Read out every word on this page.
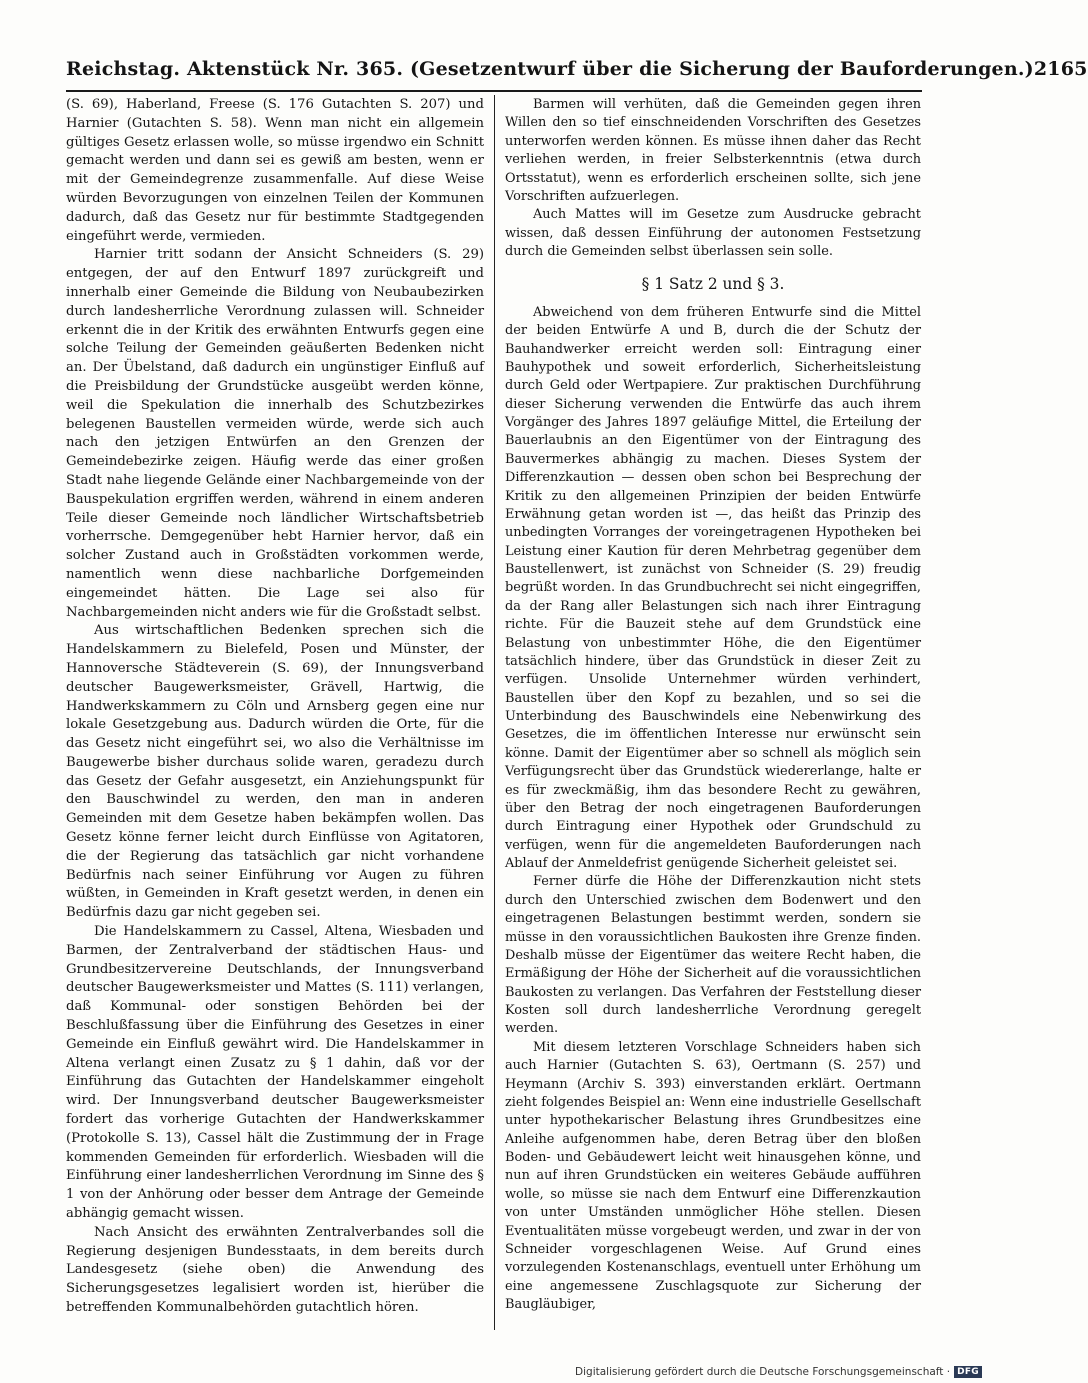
Reichstag. Aktenstück Nr. 365. (Gesetzentwurf über die Sicherung der Bauforderungen.) 2165

(S. 69), Haberland, Freese (S. 176 Gutachten S. 207) und Harnier (Gutachten S. 58). Wenn man nicht ein allgemein gültiges Gesetz erlassen wolle, so müsse irgendwo ein Schnitt gemacht werden und dann sei es gewiß am besten, wenn er mit der Gemeindegrenze zusammenfalle. Auf diese Weise würden Bevorzugungen von einzelnen Teilen der Kommunen dadurch, daß das Gesetz nur für bestimmte Stadtgegenden eingeführt werde, vermieden.

Harnier tritt sodann der Ansicht Schneiders (S. 29) entgegen, der auf den Entwurf 1897 zurückgreift und innerhalb einer Gemeinde die Bildung von Neubaubezirken durch landesherrliche Verordnung zulassen will. Schneider erkennt die in der Kritik des erwähnten Entwurfs gegen eine solche Teilung der Gemeinden geäußerten Bedenken nicht an. Der Übelstand, daß dadurch ein ungünstiger Einfluß auf die Preisbildung der Grundstücke ausgeübt werden könne, weil die Spekulation die innerhalb des Schutzbezirkes belegenen Baustellen vermeiden würde, werde sich auch nach den jetzigen Entwürfen an den Grenzen der Gemeindebezirke zeigen. Häufig werde das einer großen Stadt nahe liegende Gelände einer Nachbargemeinde von der Bauspekulation ergriffen werden, während in einem anderen Teile dieser Gemeinde noch ländlicher Wirtschaftsbetrieb vorherrsche. Demgegenüber hebt Harnier hervor, daß ein solcher Zustand auch in Großstädten vorkommen werde, namentlich wenn diese nachbarliche Dorfgemeinden eingemeindet hätten. Die Lage sei also für Nachbargemeinden nicht anders wie für die Großstadt selbst.

Aus wirtschaftlichen Bedenken sprechen sich die Handelskammern zu Bielefeld, Posen und Münster, der Hannoversche Städteverein (S. 69), der Innungsverband deutscher Baugewerksmeister, Grävell, Hartwig, die Handwerkskammern zu Cöln und Arnsberg gegen eine nur lokale Gesetzgebung aus. Dadurch würden die Orte, für die das Gesetz nicht eingeführt sei, wo also die Verhältnisse im Baugewerbe bisher durchaus solide waren, geradezu durch das Gesetz der Gefahr ausgesetzt, ein Anziehungspunkt für den Bauschwindel zu werden, den man in anderen Gemeinden mit dem Gesetze haben bekämpfen wollen. Das Gesetz könne ferner leicht durch Einflüsse von Agitatoren, die der Regierung das tatsächlich gar nicht vorhandene Bedürfnis nach seiner Einführung vor Augen zu führen wüßten, in Gemeinden in Kraft gesetzt werden, in denen ein Bedürfnis dazu gar nicht gegeben sei.

Die Handelskammern zu Cassel, Altena, Wiesbaden und Barmen, der Zentralverband der städtischen Haus- und Grundbesitzervereine Deutschlands, der Innungsverband deutscher Baugewerksmeister und Mattes (S. 111) verlangen, daß Kommunal- oder sonstigen Behörden bei der Beschlußfassung über die Einführung des Gesetzes in einer Gemeinde ein Einfluß gewährt wird. Die Handelskammer in Altena verlangt einen Zusatz zu § 1 dahin, daß vor der Einführung das Gutachten der Handelskammer eingeholt wird. Der Innungsverband deutscher Baugewerksmeister fordert das vorherige Gutachten der Handwerkskammer (Protokolle S. 13), Cassel hält die Zustimmung der in Frage kommenden Gemeinden für erforderlich. Wiesbaden will die Einführung einer landesherrlichen Verordnung im Sinne des § 1 von der Anhörung oder besser dem Antrage der Gemeinde abhängig gemacht wissen.

Nach Ansicht des erwähnten Zentralverbandes soll die Regierung desjenigen Bundesstaats, in dem bereits durch Landesgesetz (siehe oben) die Anwendung des Sicherungsgesetzes legalisiert worden ist, hierüber die betreffenden Kommunalbehörden gutachtlich hören.

Barmen will verhüten, daß die Gemeinden gegen ihren Willen den so tief einschneidenden Vorschriften des Gesetzes unterworfen werden können. Es müsse ihnen daher das Recht verliehen werden, in freier Selbsterkenntnis (etwa durch Ortsstatut), wenn es erforderlich erscheinen sollte, sich jene Vorschriften aufzuerlegen.

Auch Mattes will im Gesetze zum Ausdrucke gebracht wissen, daß dessen Einführung der autonomen Festsetzung durch die Gemeinden selbst überlassen sein solle.

§ 1 Satz 2 und § 3.

Abweichend von dem früheren Entwurfe sind die Mittel der beiden Entwürfe A und B, durch die der Schutz der Bauhandwerker erreicht werden soll: Eintragung einer Bauhypothek und soweit erforderlich, Sicherheitsleistung durch Geld oder Wertpapiere. Zur praktischen Durchführung dieser Sicherung verwenden die Entwürfe das auch ihrem Vorgänger des Jahres 1897 geläufige Mittel, die Erteilung der Bauerlaubnis an den Eigentümer von der Eintragung des Bauvermerkes abhängig zu machen. Dieses System der Differenzkaution — dessen oben schon bei Besprechung der Kritik zu den allgemeinen Prinzipien der beiden Entwürfe Erwähnung getan worden ist —, das heißt das Prinzip des unbedingten Vorranges der voreingetragenen Hypotheken bei Leistung einer Kaution für deren Mehrbetrag gegenüber dem Baustellenwert, ist zunächst von Schneider (S. 29) freudig begrüßt worden. In das Grundbuchrecht sei nicht eingegriffen, da der Rang aller Belastungen sich nach ihrer Eintragung richte. Für die Bauzeit stehe auf dem Grundstück eine Belastung von unbestimmter Höhe, die den Eigentümer tatsächlich hindere, über das Grundstück in dieser Zeit zu verfügen. Unsolide Unternehmer würden verhindert, Baustellen über den Kopf zu bezahlen, und so sei die Unterbindung des Bauschwindels eine Nebenwirkung des Gesetzes, die im öffentlichen Interesse nur erwünscht sein könne. Damit der Eigentümer aber so schnell als möglich sein Verfügungsrecht über das Grundstück wiedererlange, halte er es für zweckmäßig, ihm das besondere Recht zu gewähren, über den Betrag der noch eingetragenen Bauforderungen durch Eintragung einer Hypothek oder Grundschuld zu verfügen, wenn für die angemeldeten Bauforderungen nach Ablauf der Anmeldefrist genügende Sicherheit geleistet sei.

Ferner dürfe die Höhe der Differenzkaution nicht stets durch den Unterschied zwischen dem Bodenwert und den eingetragenen Belastungen bestimmt werden, sondern sie müsse in den voraussichtlichen Baukosten ihre Grenze finden. Deshalb müsse der Eigentümer das weitere Recht haben, die Ermäßigung der Höhe der Sicherheit auf die voraussichtlichen Baukosten zu verlangen. Das Verfahren der Feststellung dieser Kosten soll durch landesherrliche Verordnung geregelt werden.

Mit diesem letzteren Vorschlage Schneiders haben sich auch Harnier (Gutachten S. 63), Oertmann (S. 257) und Heymann (Archiv S. 393) einverstanden erklärt. Oertmann zieht folgendes Beispiel an: Wenn eine industrielle Gesellschaft unter hypothekarischer Belastung ihres Grundbesitzes eine Anleihe aufgenommen habe, deren Betrag über den bloßen Boden- und Gebäudewert leicht weit hinausgehen könne, und nun auf ihren Grundstücken ein weiteres Gebäude aufführen wolle, so müsse sie nach dem Entwurf eine Differenzkaution von unter Umständen unmöglicher Höhe stellen. Diesen Eventualitäten müsse vorgebeugt werden, und zwar in der von Schneider vorgeschlagenen Weise. Auf Grund eines vorzulegenden Kostenanschlags, eventuell unter Erhöhung um eine angemessene Zuschlagsquote zur Sicherung der Baugläubiger,

Digitalisierung gefördert durch die Deutsche Forschungsgemeinschaft · DFG
